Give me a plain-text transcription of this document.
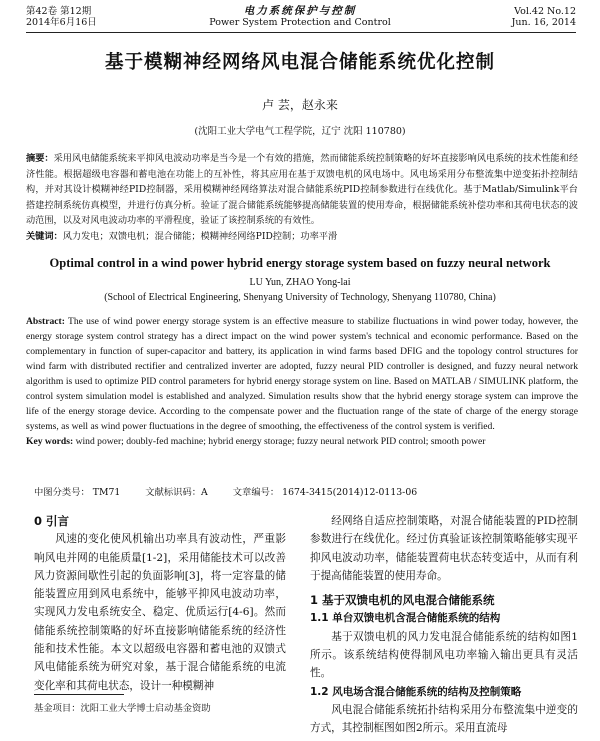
第42卷 第12期
2014年6月16日
电力系统保护与控制
Power System Protection and Control
Vol.42 No.12
Jun. 16, 2014
基于模糊神经网络风电混合储能系统优化控制
卢 芸，赵永来
(沈阳工业大学电气工程学院，辽宁 沈阳 110780)
摘要：采用风电储能系统来平抑风电波动功率是当今是一个有效的措施，然而储能系统控制策略的好坏直接影响风电系统的技术性能和经济性能。根据超级电容器和蓄电池在功能上的互补性，将其应用在基于双馈电机的风电场中。风电场采用分布整流集中逆变拓扑控制结构，并对其设计模糊神经PID控制器，采用模糊神经网络算法对混合储能系统PID控制参数进行在线优化。基于Matlab/Simulink平台搭建控制系统仿真模型，并进行仿真分析。验证了混合储能系统能够提高储能装置的使用寿命，根据储能系统补偿功率和其荷电状态的波动范围，以及对风电波动功率的平滑程度，验证了该控制系统的有效性。
关键词：风力发电；双馈电机；混合储能；模糊神经网络PID控制；功率平滑
Optimal control in a wind power hybrid energy storage system based on fuzzy neural network
LU Yun, ZHAO Yong-lai
(School of Electrical Engineering, Shenyang University of Technology, Shenyang 110780, China)
Abstract: The use of wind power energy storage system is an effective measure to stabilize fluctuations in wind power today, however, the energy storage system control strategy has a direct impact on the wind power system's technical and economic performance. Based on the complementary in function of super-capacitor and battery, its application in wind farms based DFIG and the topology control structures for wind farm with distributed rectifier and centralized inverter are adopted, fuzzy neural PID controller is designed, and fuzzy neural network algorithm is used to optimize PID control parameters for hybrid energy storage system on line. Based on MATLAB / SIMULINK platform, the control system simulation model is established and analyzed. Simulation results show that the hybrid energy storage system can improve the life of the energy storage device. According to the compensate power and the fluctuation range of the state of charge of the energy storage systems, as well as wind power fluctuations in the degree of smoothing, the effectiveness of the control system is verified.
Key words: wind power; doubly-fed machine; hybrid energy storage; fuzzy neural network PID control; smooth power
中图分类号： TM71	文献标识码：A	文章编号： 1674-3415(2014)12-0113-06

0 引言

风速的变化使风机输出功率具有波动性，严重影响风电并网的电能质量[1-2]，采用储能技术可以改善风力资源间歇性引起的负面影响[3]，将一定容量的储能装置应用到风电系统中，能够平抑风电波动功率，实现风力发电系统安全、稳定、优质运行[4-6]。然而储能系统控制策略的好坏直接影响储能系统的经济性能和技术性能。本文以超级电容器和蓄电池的双馈式风电储能系统为研究对象，基于混合储能系统的电流变化率和其荷电状态，设计一种模糊神

经网络自适应控制策略，对混合储能装置的PID控制参数进行在线优化。经过仿真验证该控制策略能够实现平抑风电波动功率，储能装置荷电状态转变适中，从而有利于提高储能装置的使用寿命。

1 基于双馈电机的风电混合储能系统

1.1 单台双馈电机含混合储能系统的结构

基于双馈电机的风力发电混合储能系统的结构如图1所示。该系统结构使得制风电功率输入输出更具有灵活性。

1.2 风电场含混合储能系统的结构及控制策略

风电混合储能系统拓扑结构采用分布整流集中逆变的方式，其控制框图如图2所示。采用直流母

基金项目：沈阳工业大学博士启动基金资助
